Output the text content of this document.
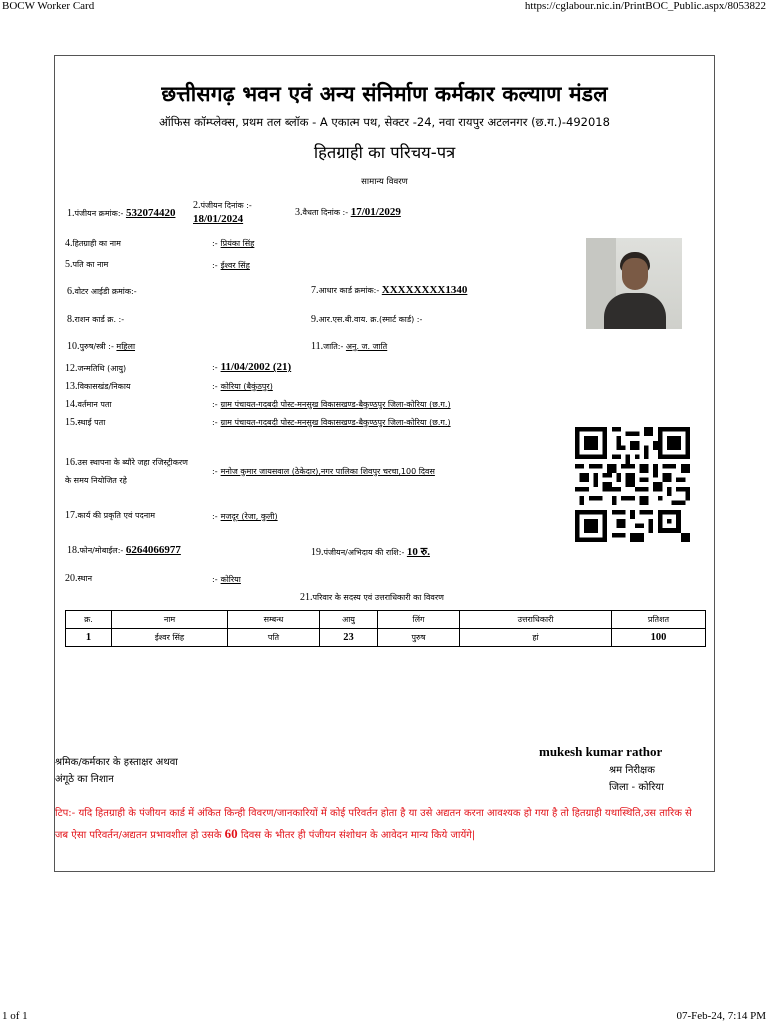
BOCW Worker Card	https://cglabour.nic.in/PrintBOC_Public.aspx/8053822
छत्तीसगढ़ भवन एवं अन्य संनिर्माण कर्मकार कल्याण मंडल
ऑफिस कॉम्प्लेक्स, प्रथम तल ब्लॉक - A एकात्म पथ, सेक्टर -24, नवा रायपुर अटलनगर (छ.ग.)-492018
हितग्राही का परिचय-पत्र
सामान्य विवरण
1.पंजीयन क्रमांक:- 532074420
2.पंजीयन दिनांक :-
18/01/2024
3.वैधता दिनांक :- 17/01/2029
4.हितग्राही का नाम	:- प्रियंका सिंह
5.पति का नाम	:- ईश्वर सिंह
6.वोटर आईडी क्रमांक:-	7.आधार कार्ड क्रमांक:- XXXXXXXX1340
8.राशन कार्ड क्र. :-	9.आर.एस.बी.वाय. क्र.(स्मार्ट कार्ड) :-
10.पुरुष/स्त्री :- महिला	11.जाति:- अनु. ज. जाति
12.जन्मतिथि (आयु)	:- 11/04/2002 (21)
13.विकासखंड/निकाय	:- कोरिया (बैकुंठपुर)
14.वर्तमान पता	:- ग्राम पंचायत-गदबदी पोस्ट-मनसुख विकासखण्ड-बैकुण्ठपुर जिला-कोरिया (छ.ग.)
15.स्थाई पता	:- ग्राम पंचायत-गदबदी पोस्ट-मनसुख विकासखण्ड-बैकुण्ठपुर जिला-कोरिया (छ.ग.)
16.उस स्थापना के ब्यौरे जहा रजिस्ट्रीकरण
के समय नियोजित रहे
:- मनोज कुमार जायसवाल (ठेकेदार),नगर पालिका शिवपुर चरचा,100 दिवस
17.कार्य की प्रकृति एवं पदनाम	:- मजदूर (रेजा, कुली)
18.फोन/मोबाईल:- 6264066977	19.पंजीयन/अभिदाय की राशि:- 10 रु.
20.स्थान	:- कोरिया
21.परिवार के सदस्य एवं उत्तराधिकारी का विवरण
क्र.	नाम	सम्बन्ध	आयु	लिंग	उत्तराधिकारी	प्रतिशत
1	ईश्वर सिंह	पति	23	पुरुष	हां	100
श्रमिक/कर्मकार के हस्ताक्षर अथवा
अंगूठे का निशान
mukesh kumar rathor
श्रम निरीक्षक
जिला - कोरिया
टिप:- यदि हितग्राही के पंजीयन कार्ड में अंकित किन्ही विवरण/जानकारियों में कोई परिवर्तन होता है या उसे अद्यतन करना आवश्यक हो गया है तो हितग्राही यथास्थिति,उस तारिक से जब ऐसा परिवर्तन/अद्यतन प्रभावशील हो उसके 60 दिवस के भीतर ही पंजीयन संशोधन के आवेदन मान्य किये जायेंगे|
1 of 1	07-Feb-24, 7:14 PM
